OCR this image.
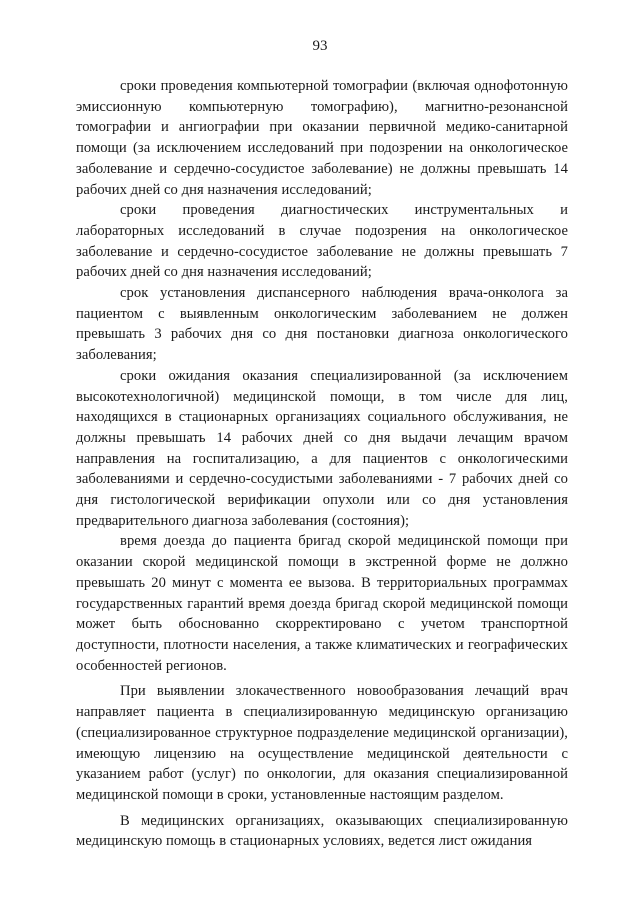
93

сроки проведения компьютерной томографии (включая однофотонную эмиссионную компьютерную томографию), магнитно-резонансной томографии и ангиографии при оказании первичной медико-санитарной помощи (за исключением исследований при подозрении на онкологическое заболевание и сердечно-сосудистое заболевание) не должны превышать 14 рабочих дней со дня назначения исследований;

сроки проведения диагностических инструментальных и лабораторных исследований в случае подозрения на онкологическое заболевание и сердечно-сосудистое заболевание не должны превышать 7 рабочих дней со дня назначения исследований;

срок установления диспансерного наблюдения врача-онколога за пациентом с выявленным онкологическим заболеванием не должен превышать 3 рабочих дня со дня постановки диагноза онкологического заболевания;

сроки ожидания оказания специализированной (за исключением высокотехнологичной) медицинской помощи, в том числе для лиц, находящихся в стационарных организациях социального обслуживания, не должны превышать 14 рабочих дней со дня выдачи лечащим врачом направления на госпитализацию, а для пациентов с онкологическими заболеваниями и сердечно-сосудистыми заболеваниями - 7 рабочих дней со дня гистологической верификации опухоли или со дня установления предварительного диагноза заболевания (состояния);

время доезда до пациента бригад скорой медицинской помощи при оказании скорой медицинской помощи в экстренной форме не должно превышать 20 минут с момента ее вызова. В территориальных программах государственных гарантий время доезда бригад скорой медицинской помощи может быть обоснованно скорректировано с учетом транспортной доступности, плотности населения, а также климатических и географических особенностей регионов.

При выявлении злокачественного новообразования лечащий врач направляет пациента в специализированную медицинскую организацию (специализированное структурное подразделение медицинской организации), имеющую лицензию на осуществление медицинской деятельности с указанием работ (услуг) по онкологии, для оказания специализированной медицинской помощи в сроки, установленные настоящим разделом.

В медицинских организациях, оказывающих специализированную медицинскую помощь в стационарных условиях, ведется лист ожидания
